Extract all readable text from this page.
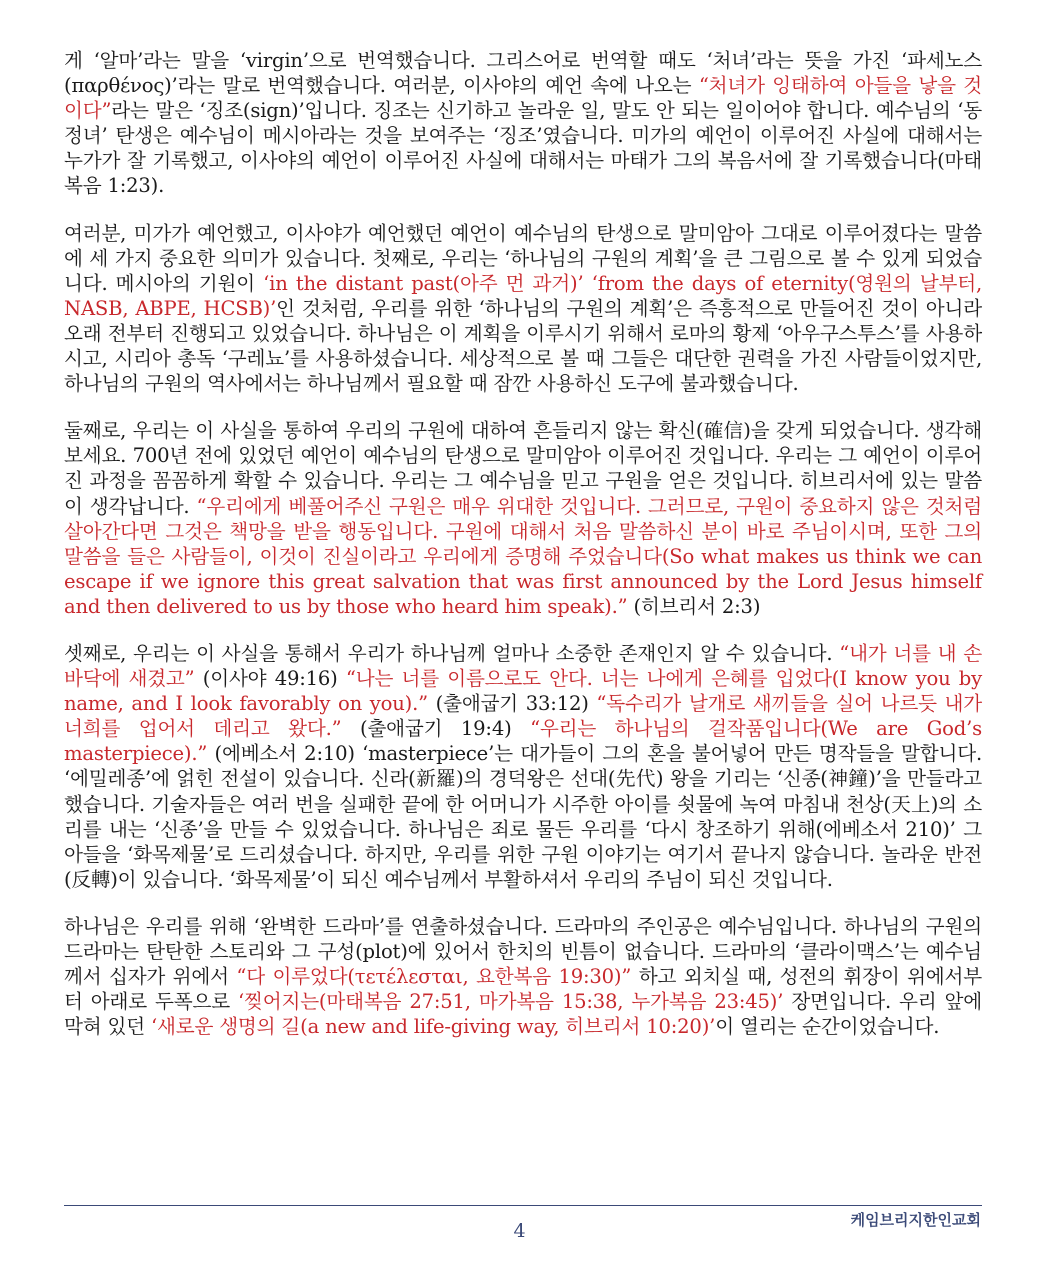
게 ‘알마’라는 말을 ‘virgin’으로 번역했습니다. 그리스어로 번역할 때도 ‘처녀’라는 뜻을 가진 ‘파세노스(παρθένος)’라는 말로 번역했습니다. 여러분, 이사야의 예언 속에 나오는 “처녀가 잉태하여 아들을 낳을 것이다”라는 말은 ‘징조(sign)’입니다. 징조는 신기하고 놀라운 일, 말도 안 되는 일이어야 합니다. 예수님의 ‘동정녀’ 탄생은 예수님이 메시아라는 것을 보여주는 ‘징조’였습니다. 미가의 예언이 이루어진 사실에 대해서는 누가가 잘 기록했고, 이사야의 예언이 이루어진 사실에 대해서는 마태가 그의 복음서에 잘 기록했습니다(마태복음 1:23).

여러분, 미가가 예언했고, 이사야가 예언했던 예언이 예수님의 탄생으로 말미암아 그대로 이루어졌다는 말씀에 세 가지 중요한 의미가 있습니다. 첫째로, 우리는 ‘하나님의 구원의 계획’을 큰 그림으로 볼 수 있게 되었습니다. 메시아의 기원이 ‘in the distant past(아주 먼 과거)’ ‘from the days of eternity(영원의 날부터, NASB, ABPE, HCSB)’인 것처럼, 우리를 위한 ‘하나님의 구원의 계획’은 즉흥적으로 만들어진 것이 아니라 오래 전부터 진행되고 있었습니다. 하나님은 이 계획을 이루시기 위해서 로마의 황제 ‘아우구스투스’를 사용하시고, 시리아 총독 ‘구레뇨’를 사용하셨습니다. 세상적으로 볼 때 그들은 대단한 권력을 가진 사람들이었지만, 하나님의 구원의 역사에서는 하나님께서 필요할 때 잠깐 사용하신 도구에 불과했습니다.

둘째로, 우리는 이 사실을 통하여 우리의 구원에 대하여 흔들리지 않는 확신(確信)을 갖게 되었습니다. 생각해 보세요. 700년 전에 있었던 예언이 예수님의 탄생으로 말미암아 이루어진 것입니다. 우리는 그 예언이 이루어진 과정을 꼼꼼하게 확할 수 있습니다. 우리는 그 예수님을 믿고 구원을 얻은 것입니다. 히브리서에 있는 말씀이 생각납니다. “우리에게 베풀어주신 구원은 매우 위대한 것입니다. 그러므로, 구원이 중요하지 않은 것처럼 살아간다면 그것은 책망을 받을 행동입니다. 구원에 대해서 처음 말씀하신 분이 바로 주님이시며, 또한 그의 말씀을 들은 사람들이, 이것이 진실이라고 우리에게 증명해 주었습니다(So what makes us think we can escape if we ignore this great salvation that was first announced by the Lord Jesus himself and then delivered to us by those who heard him speak).” (히브리서 2:3)

셋째로, 우리는 이 사실을 통해서 우리가 하나님께 얼마나 소중한 존재인지 알 수 있습니다. “내가 너를 내 손바닥에 새겼고” (이사야 49:16) “나는 너를 이름으로도 안다. 너는 나에게 은혜를 입었다(I know you by name, and I look favorably on you).” (출애굽기 33:12) “독수리가 날개로 새끼들을 실어 나르듯 내가 너희를 업어서 데리고 왔다.” (출애굽기 19:4) “우리는 하나님의 걸작품입니다(We are God’s masterpiece).” (에베소서 2:10) ‘masterpiece’는 대가들이 그의 혼을 불어넣어 만든 명작들을 말합니다. ‘에밀레종’에 얽힌 전설이 있습니다. 신라(新羅)의 경덕왕은 선대(先代) 왕을 기리는 ‘신종(神鐘)’을 만들라고 했습니다. 기술자들은 여러 번을 실패한 끝에 한 어머니가 시주한 아이를 쇳물에 녹여 마침내 천상(天上)의 소리를 내는 ‘신종’을 만들 수 있었습니다. 하나님은 죄로 물든 우리를 ‘다시 창조하기 위해(에베소서 210)’ 그 아들을 ‘화목제물’로 드리셨습니다. 하지만, 우리를 위한 구원 이야기는 여기서 끝나지 않습니다. 놀라운 반전(反轉)이 있습니다. ‘화목제물’이 되신 예수님께서 부활하셔서 우리의 주님이 되신 것입니다.

하나님은 우리를 위해 ‘완벽한 드라마’를 연출하셨습니다. 드라마의 주인공은 예수님입니다. 하나님의 구원의 드라마는 탄탄한 스토리와 그 구성(plot)에 있어서 한치의 빈틈이 없습니다. 드라마의 ‘클라이맥스’는 예수님께서 십자가 위에서 “다 이루었다(τετέλεσται, 요한복음 19:30)” 하고 외치실 때, 성전의 휘장이 위에서부터 아래로 두폭으로 ‘찢어지는(마태복음 27:51, 마가복음 15:38, 누가복음 23:45)’ 장면입니다. 우리 앞에 막혀 있던 ‘새로운 생명의 길(a new and life-giving way, 히브리서 10:20)’이 열리는 순간이었습니다.

4	케임브리지한인교회
